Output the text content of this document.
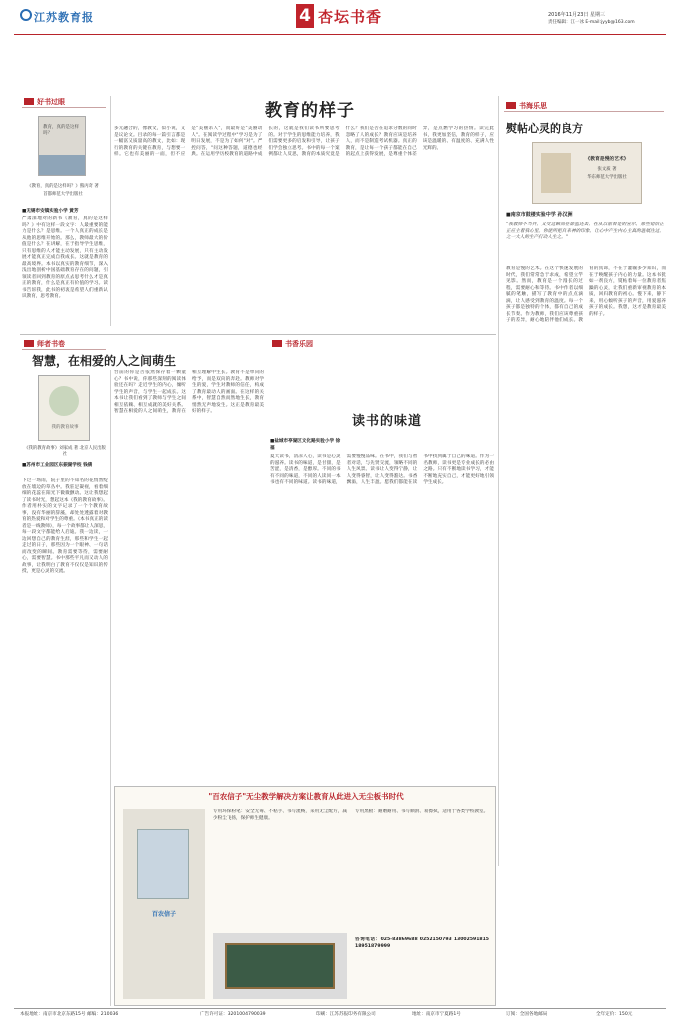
江苏教育报	4 杏坛书香	2016年11月23日 星期三
责任编辑：江一冰 E-mail:jyyb@163.com
好书过眼
教育，真的是这样吗？
《教育，真的是这样吗？》熊丙奇 著
首都师范大学出版社
■无锡市安镇实验小学 黄芳
严肃深地对的新书《教育，真的是这样吗？》中有这样一段文字：人最重要的能力是什么？是思维。一个人真正的成长是从他的思维开始的。那么，教师最大的价值是什么？在讲解，在于指导学生思维，只有思维的人才能主动发展，只有主动发展才能真正完成自我成长。这就是教育的最高境界。本书以真实的教育细节，深入浅出地剖析中国基础教育存在的问题，引领读者回到教育的原点去思考什么才是真正的教育，什么是真正有价值的学习。读书告诉我，此书的初衷是希望人们重新认识教育，思考教育。
教育的样子
多元融合的，像教文，似小说，又是议论文。目录的每一篇引言都是一幅富又质量高的教文，比如：现行的教育的关键在教育，与想要一样。它也有美丽的一面，但不应是"美丽杀人"，而最好是"美丽动人"。在阅读学过程中"学习是为了明日发展，不是为了如何"对"。严控问答，"问这种答题，道德也经典。在运用学历校教育的道路中成长的，这就是我们读书所要思考的。对于学生的思维能力培养，我们需要更多的启发和引导，让孩子们学会独立思考。书中的每一个案例都让人反思，教育的本质究竟是什么？我们是否在追求分数的同时忽略了人的成长？教育应该是培养人，而不是制造考试机器。真正的教育，是让每一个孩子都能在自己的起点上获得发展，是尊重个体差异，是点燃学习的热情。读完此书，我更加坚信，教育的样子，应该是温暖的、有温度的、充满人性光辉的。
书海乐思
熨帖心灵的良方
《教育是慢的艺术》
张文质 著
华东师范大学出版社
■南京市鼓楼实验中学 孙汉洲
"我教师不当兵，又受过瞬而在都蓝还去，在从以前看是的宣尔，那些错信正正应主着我心里。你能所把自来神的印象，让心中产生内心主真的进展注过，之一大人的生产打动人生之。"
教育是慢的艺术。在这个快速发展的时代，我们常常急于求成，希望立竿见影。然而，教育是一个漫长的过程，需要耐心和等待。书中作者以细腻的笔触，描写了教育中的点点滴滴，让人感受到教育的温度。每一个孩子都是独特的个体，都有自己的成长节奏。作为教师，我们应该尊重孩子的差异，耐心地陪伴他们成长。教育的真谛，不在于灌输多少知识，而在于唤醒孩子内心的力量。这本书犹如一剂良方，熨帖着每一位教育者焦躁的心灵，让我们重新审视教育的本质，回归教育的初心。慢下来，静下来，用心倾听孩子的声音，用爱滋养孩子的成长。我想，这才是教育最美的样子。
师者书卷
智慧，在相爱的人之间萌生
我的教育故事
《我的教育故事》刘家成 著 北京人民出版社
■苏州市工业园区东振湖学校 钱倩
下过一场雨，院子里的不知名的花悄然绽放在墙边的草丛中。我驻足凝视，看着细细的花蕊在阳光下微微颤动。这让我想起了读书时光，想起这本《我的教育故事》。作者用朴实的文字记录了一个个教育故事，没有华丽的辞藻，却处处透露着对教育的热爱和对学生的尊重。《本书真正的读者是一线教师》，每一个故事都让人深思，每一段文字都能给人启迪。我一边读，一边回想自己的教育生涯，那些和学生一起走过的日子，那些因为一个眼神、一句话而改变的瞬间。教育需要等待，需要耐心，需要智慧。书中那些平凡而又动人的故事，让我明白了教育不仅仅是知识的传授，更是心灵的交流。
台前的你是否依然保存着一颗童心？书中说，你那些深刻的阅读体验还在吗？走近学生的内心，倾听学生的声音，与学生一起成长。这本书让我们看到了教师与学生之间相互依赖、相互成就的美好关系。智慧在相爱的人之间萌生，教育在相互理解中生长。教育不是单向的给予，而是双向的奔赴。教师对学生的爱，学生对教师的信任，构成了教育最动人的画面。在这样的关系中，智慧自然而然地生长，教育悄然无声地发生。这正是教育最美好的样子。
书香乐园
读书的味道
■盐城市亭湖区文化路实验小学 徐福
夏天读书，清凉人心，读书是心灵的滋养。读书的味道，是甘甜，是苦涩，是清香，是醇厚。不同的书有不同的味道，不同的人读同一本书也有不同的味道。读书的味道，需要慢慢品味。在书中，我们与智者对话，与先贤交流，领略不同的人生风景。读书让人变得宁静，让人变得睿智，让人变得豁达。书香飘溢，人生丰盈。愿我们都能在读书中找到属于自己的味道。作为一名教师，读书更是专业成长的必由之路。只有不断地读书学习，才能不断地充实自己，才能更好地引领学生成长。
"百农信子"无尘教学解决方案让教育从此进入无尘板书时代
百农信子
专用环保粉笔：安全无毒、不粘手、书写流畅，采用无尘配方，减少粉尘飞扬，保护师生健康。
专用黑板：耐磨耐用、书写顺滑、易擦拭，适用于各类学校教室。
咨询电话：025-83869688 0252150793 13002591815 18951879999
本报地址：南京市北京东路15号 邮编：210036	广告许可证：3201004790039	印刷：江苏苏报印务有限公司	地址：南京市宁夏路1号	订阅：全国各地邮局	全年定价：150元
